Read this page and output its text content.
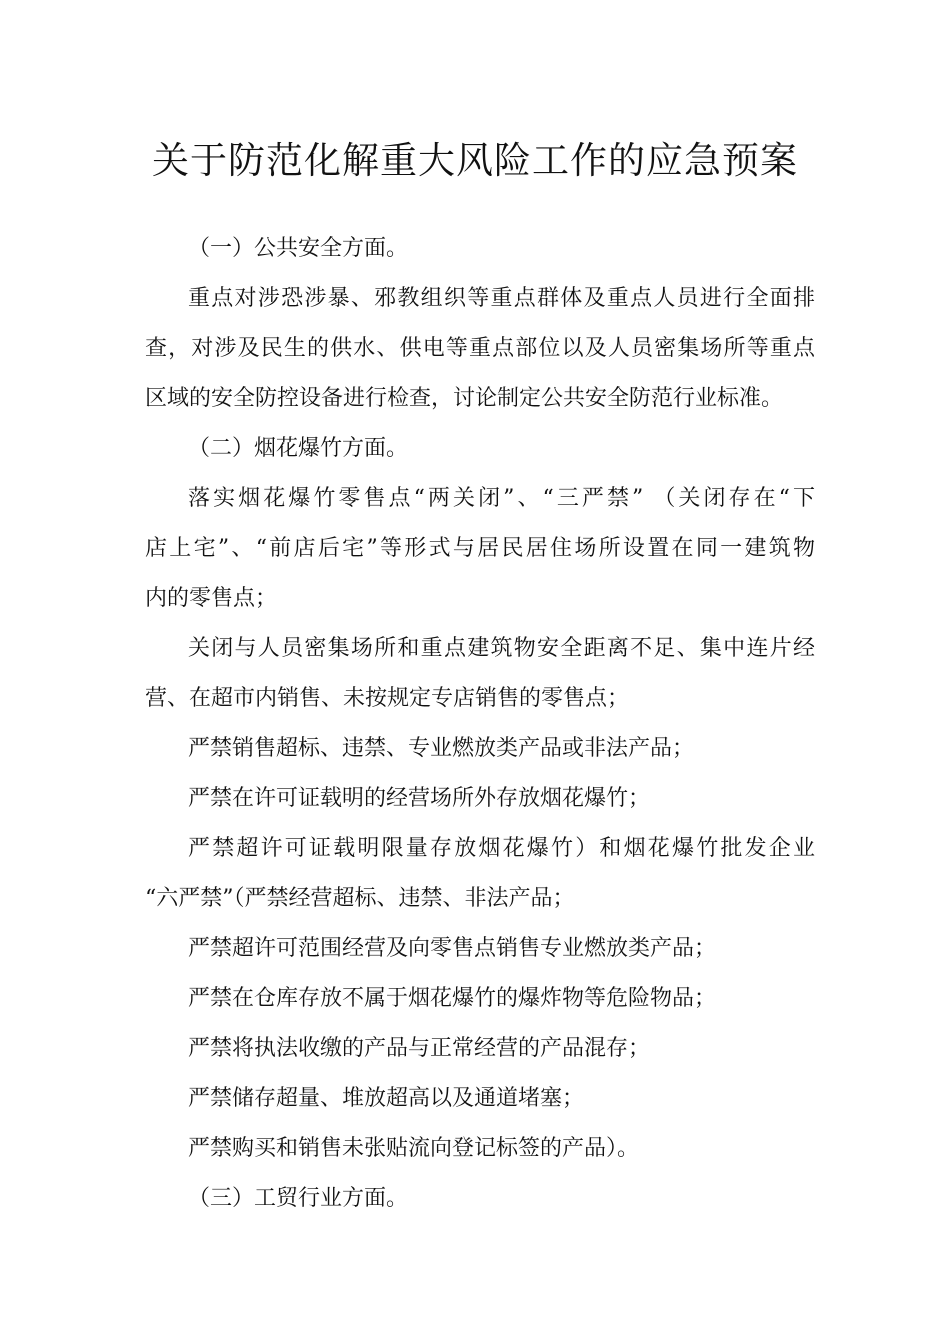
关于防范化解重大风险工作的应急预案

（一）公共安全方面。

重点对涉恐涉暴、邪教组织等重点群体及重点人员进行全面排

查，对涉及民生的供水、供电等重点部位以及人员密集场所等重点

区域的安全防控设备进行检查，讨论制定公共安全防范行业标准。

（二）烟花爆竹方面。

落实烟花爆竹零售点“两关闭”、“三严禁” （关闭存在“下

店上宅”、“前店后宅”等形式与居民居住场所设置在同一建筑物

内的零售点；

关闭与人员密集场所和重点建筑物安全距离不足、集中连片经

营、在超市内销售、未按规定专店销售的零售点；

严禁销售超标、违禁、专业燃放类产品或非法产品；

严禁在许可证载明的经营场所外存放烟花爆竹；

严禁超许可证载明限量存放烟花爆竹）和烟花爆竹批发企业

“六严禁”（严禁经营超标、违禁、非法产品；

严禁超许可范围经营及向零售点销售专业燃放类产品；

严禁在仓库存放不属于烟花爆竹的爆炸物等危险物品；

严禁将执法收缴的产品与正常经营的产品混存；

严禁储存超量、堆放超高以及通道堵塞；

严禁购买和销售未张贴流向登记标签的产品）。

（三）工贸行业方面。
